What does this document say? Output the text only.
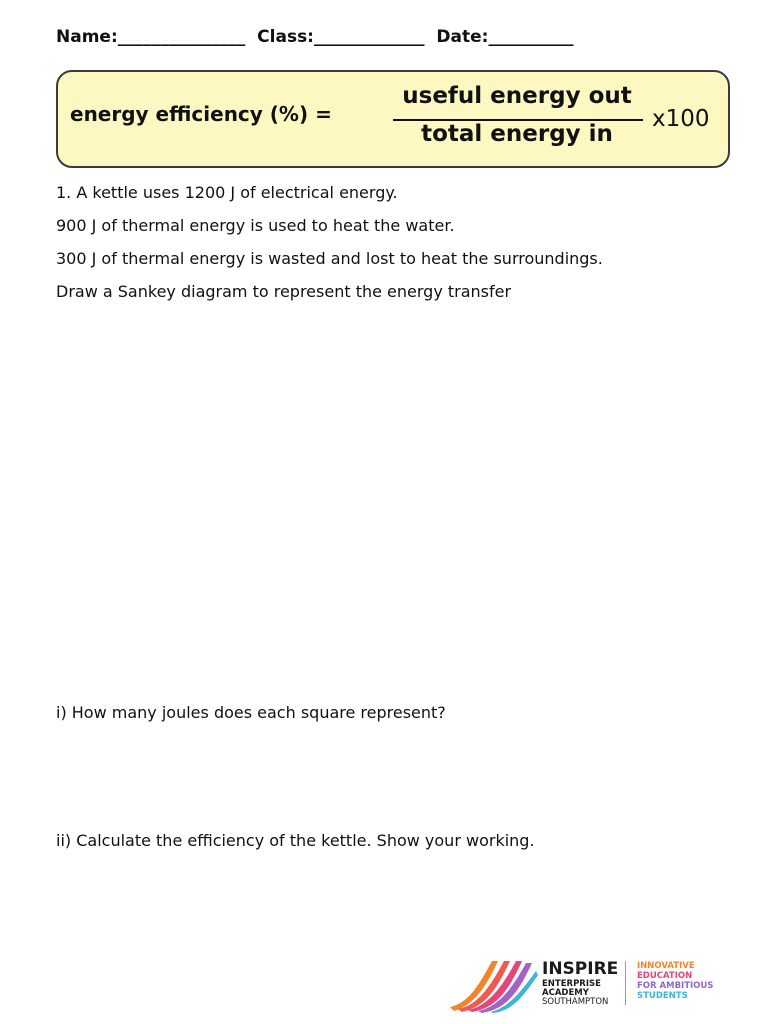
Name:_______________ Class:_____________ Date:__________
energy efficiency (%) =
useful energy out
total energy in
x100
1. A kettle uses 1200 J of electrical energy.
900 J of thermal energy is used to heat the water.
300 J of thermal energy is wasted and lost to heat the surroundings.
Draw a Sankey diagram to represent the energy transfer
i) How many joules does each square represent?
ii) Calculate the efficiency of the kettle. Show your working.
INSPIRE
ENTERPRISE
ACADEMY
SOUTHAMPTON
INNOVATIVE
EDUCATION
FOR AMBITIOUS
STUDENTS
